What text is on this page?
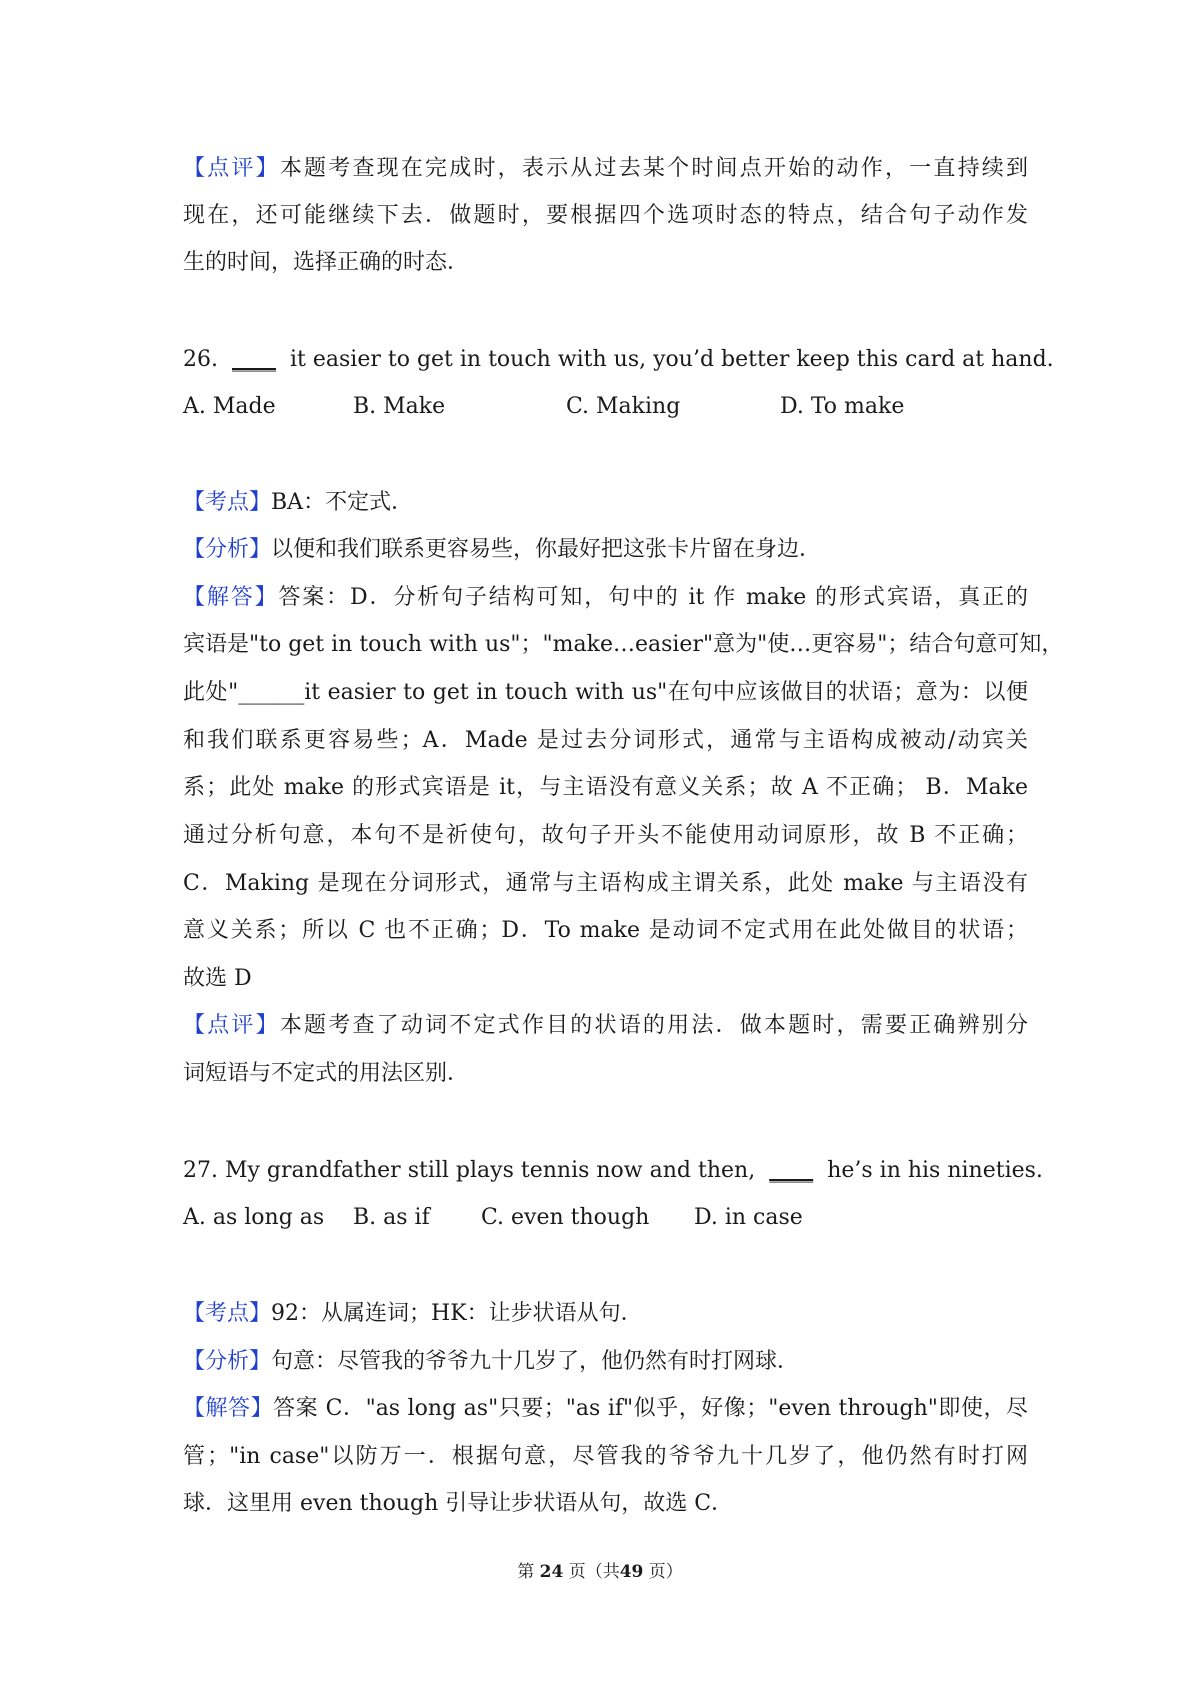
【点评】本题考查现在完成时，表示从过去某个时间点开始的动作，一直持续到
现在，还可能继续下去．做题时，要根据四个选项时态的特点，结合句子动作发
生的时间，选择正确的时态．
26. ____ it easier to get in touch with us, you’d better keep this card at hand.
A. Made	B. Make	C. Making	D. To make
【考点】BA：不定式．
【分析】以便和我们联系更容易些，你最好把这张卡片留在身边．
【解答】答案：D．分析句子结构可知，句中的 it 作 make 的形式宾语，真正的
宾语是"to get in touch with us"；"make…easier"意为"使…更容易"；结合句意可知，
此处"______it easier to get in touch with us"在句中应该做目的状语；意为：以便
和我们联系更容易些；A．Made 是过去分词形式，通常与主语构成被动/动宾关
系；此处 make 的形式宾语是 it，与主语没有意义关系；故 A 不正确； B．Make
通过分析句意，本句不是祈使句，故句子开头不能使用动词原形，故 B 不正确；
C．Making 是现在分词形式，通常与主语构成主谓关系，此处 make 与主语没有
意义关系；所以 C 也不正确；D．To make 是动词不定式用在此处做目的状语；
故选 D
【点评】本题考查了动词不定式作目的状语的用法．做本题时，需要正确辨别分
词短语与不定式的用法区别．
27. My grandfather still plays tennis now and then, ____ he’s in his nineties.
A. as long as B. as if C. even though D. in case
【考点】92：从属连词；HK：让步状语从句．
【分析】句意：尽管我的爷爷九十几岁了，他仍然有时打网球．
【解答】答案 C．"as long as"只要；"as if"似乎，好像；"even through"即使，尽
管；"in case"以防万一．根据句意，尽管我的爷爷九十几岁了，他仍然有时打网
球．这里用 even though 引导让步状语从句，故选 C．
第 24 页（共49 页）
